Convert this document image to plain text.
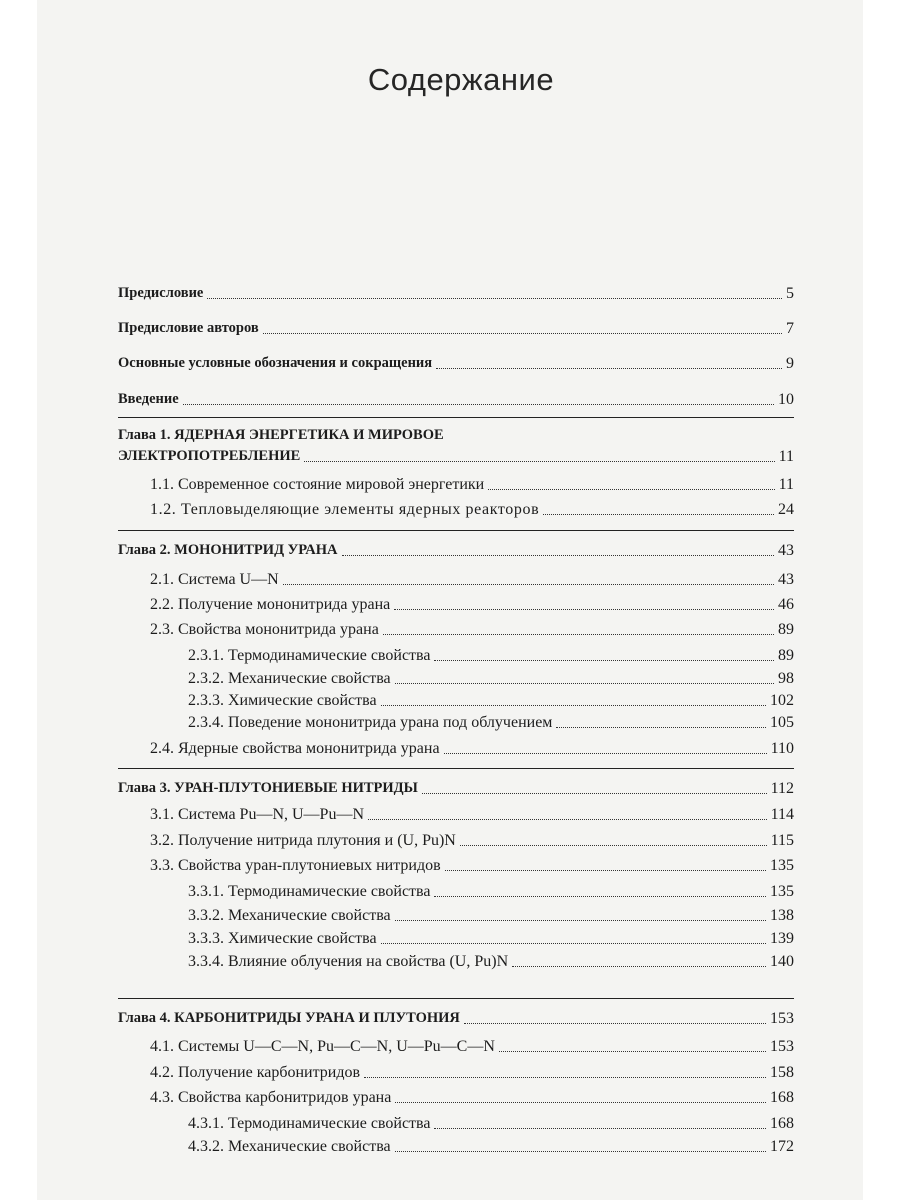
Содержание
Предисловие	5
Предисловие авторов	7
Основные условные обозначения и сокращения	9
Введение	10
Глава 1. ЯДЕРНАЯ ЭНЕРГЕТИКА И МИРОВОЕ
ЭЛЕКТРОПОТРЕБЛЕНИЕ	11
1.1. Современное состояние мировой энергетики	11
1.2. Тепловыделяющие элементы ядерных реакторов	24
Глава 2. МОНОНИТРИД УРАНА	43
2.1. Система U—N	43
2.2. Получение мононитрида урана	46
2.3. Свойства мононитрида урана	89
2.3.1. Термодинамические свойства	89
2.3.2. Механические свойства	98
2.3.3. Химические свойства	102
2.3.4. Поведение мононитрида урана под облучением	105
2.4. Ядерные свойства мононитрида урана	110
Глава 3. УРАН-ПЛУТОНИЕВЫЕ НИТРИДЫ	112
3.1. Система Pu—N, U—Pu—N	114
3.2. Получение нитрида плутония и (U, Pu)N	115
3.3. Свойства уран-плутониевых нитридов	135
3.3.1. Термодинамические свойства	135
3.3.2. Механические свойства	138
3.3.3. Химические свойства	139
3.3.4. Влияние облучения на свойства (U, Pu)N	140
Глава 4. КАРБОНИТРИДЫ УРАНА И ПЛУТОНИЯ	153
4.1. Системы U—C—N, Pu—C—N, U—Pu—C—N	153
4.2. Получение карбонитридов	158
4.3. Свойства карбонитридов урана	168
4.3.1. Термодинамические свойства	168
4.3.2. Механические свойства	172
